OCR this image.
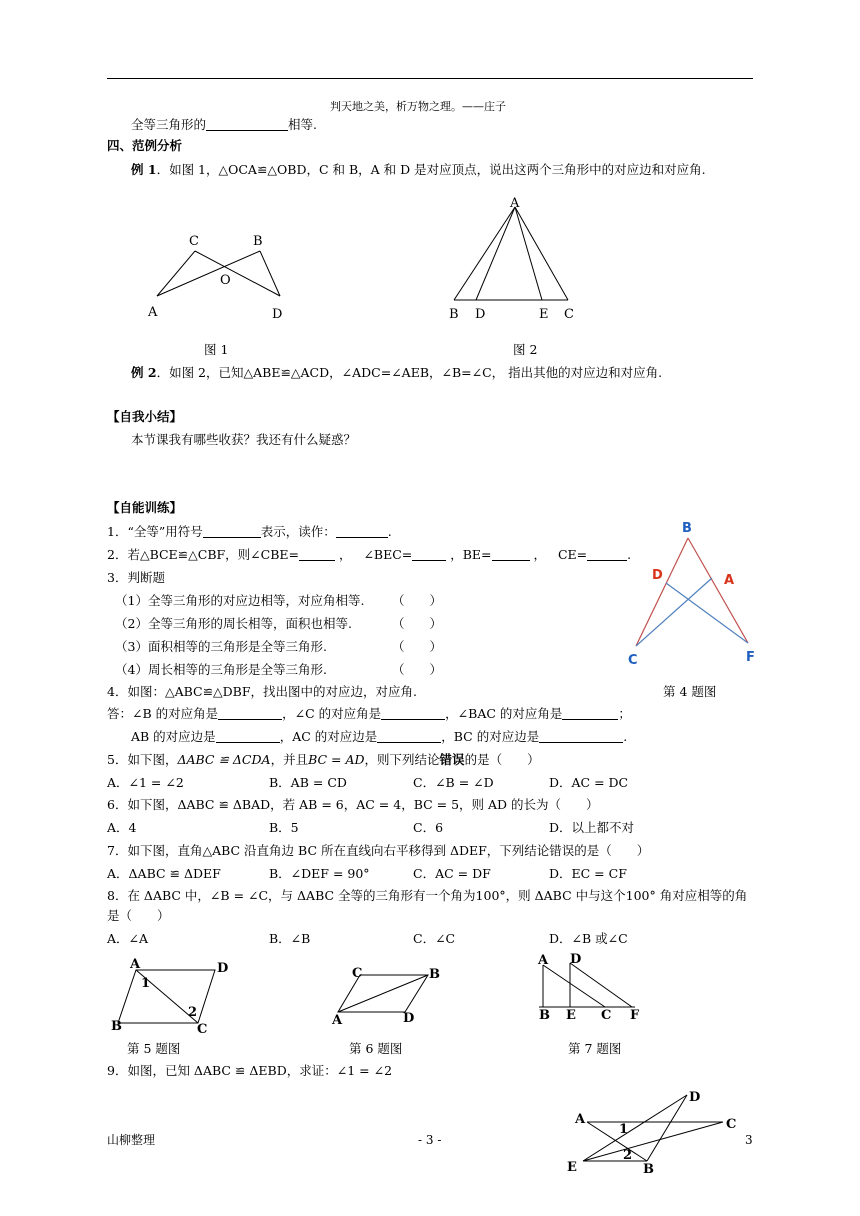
判天地之美，析万物之理。——庄子
全等三角形的	相等.
四、范例分析
例 1．如图 1，△OCA≌△OBD，C 和 B，A 和 D 是对应顶点，说出这两个三角形中的对应边和对应角.
C	B
O
A	D
A
B D	E C
图 1	图 2
例 2．如图 2，已知△ABE≌△ACD，∠ADC=∠AEB，∠B=∠C， 指出其他的对应边和对应角.
【自我小结】
本节课我有哪些收获？我还有什么疑惑？
【自能训练】
1．“全等”用符号	表示，读作：	.
2．若△BCE≌△CBF，则∠CBE=	， ∠BEC=	，BE=	， CE=	.
3．判断题
（1）全等三角形的对应边相等，对应角相等.
（2）全等三角形的周长相等，面积也相等.
（3）面积相等的三角形是全等三角形.
（4）周长相等的三角形是全等三角形.
（　　）
（　　）
（　　）
（　　）
B
D	A
C	F
第 4 题图
4．如图：△ABC≌△DBF，找出图中的对应边，对应角.
答：∠B 的对应角是	，∠C 的对应角是	，∠BAC 的对应角是	；
AB 的对应边是	，AC 的对应边是	，BC 的对应边是	.
5．如下图，ΔABC ≌ ΔCDA，并且BC = AD，则下列结论错误的是（　　）
A．∠1 = ∠2	B．AB = CD	C．∠B = ∠D	D．AC = DC
6．如下图，ΔABC ≌ ΔBAD，若 AB = 6，AC = 4，BC = 5，则 AD 的长为（　　）
A．4	B．5	C．6	D．以上都不对
7．如下图，直角△ABC 沿直角边 BC 所在直线向右平移得到 ΔDEF，下列结论错误的是（　　）
A．ΔABC ≌ ΔDEF	B．∠DEF = 90°	C．AC = DF	D．EC = CF
8．在 ΔABC 中，∠B = ∠C，与 ΔABC 全等的三角形有一个角为100°，则 ΔABC 中与这个100° 角对应相等的角
是（　　）
A．∠A	B．∠B	C．∠C	D．∠B 或∠C
A	D
1
2
B	C
第 5 题图
C	B
A	D
第 6 题图
A D
B E C F
第 7 题图
9．如图，已知 ΔABC ≌ ΔEBD，求证：∠1 = ∠2
D
A
1	C
2
E	B
山柳整理	- 3 -	3
